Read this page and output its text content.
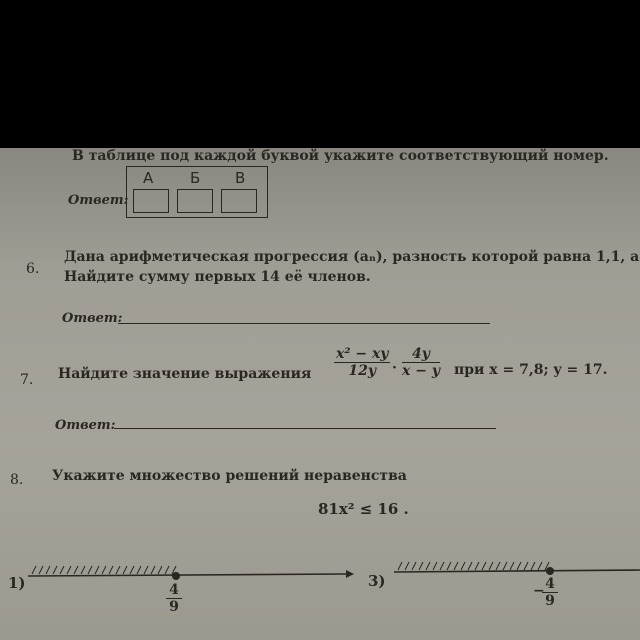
В таблице под каждой буквой укажите соответствующий номер.
Ответ:
А Б В
6.
Дана арифметическая прогрессия (aₙ), разность которой равна 1,1, a
Найдите сумму первых 14 её членов.
Ответ:
7. Найдите значение выражения $\frac{\text{x² − xy}}{12y} \cdot \frac{4y}{x - y}$ при x = 7,8; y = 17.
Ответ:
8. Укажите множество решений неравенства
81x² ≤ 16 .
1)	$\frac{4}{9}$
3)
−
$\frac{4}{9}$
